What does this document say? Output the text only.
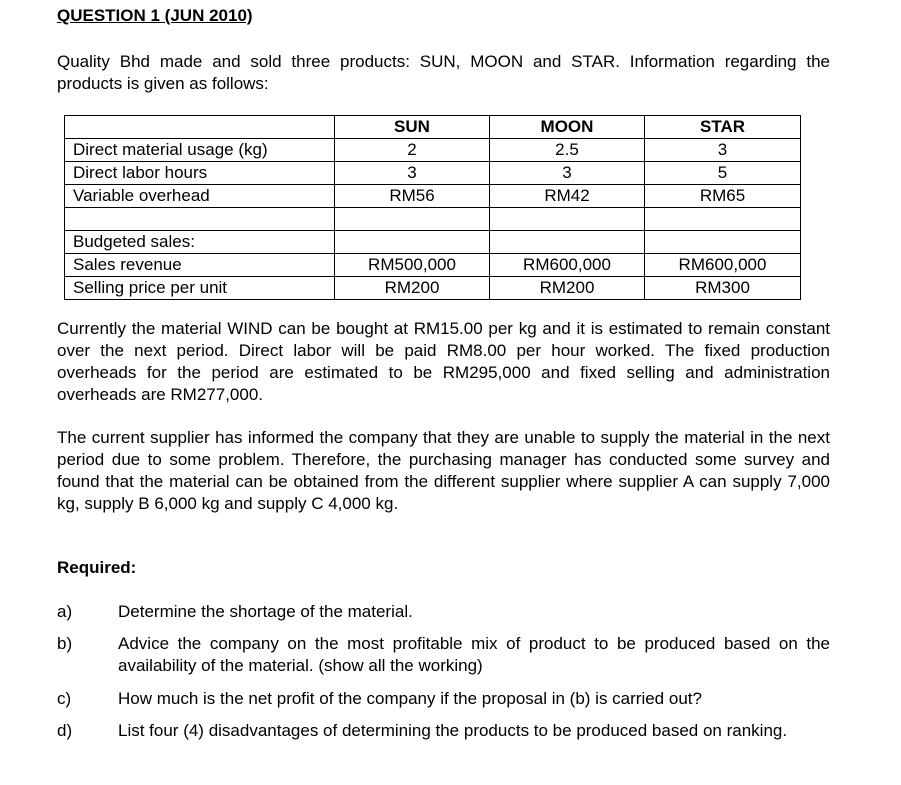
QUESTION 1 (JUN 2010)

Quality Bhd made and sold three products: SUN, MOON and STAR. Information regarding the products is given as follows:

	SUN	MOON	STAR
Direct material usage (kg)	2	2.5	3
Direct labor hours	3	3	5
Variable overhead	RM56	RM42	RM65

Budgeted sales:			
Sales revenue	RM500,000	RM600,000	RM600,000
Selling price per unit	RM200	RM200	RM300

Currently the material WIND can be bought at RM15.00 per kg and it is estimated to remain constant over the next period. Direct labor will be paid RM8.00 per hour worked. The fixed production overheads for the period are estimated to be RM295,000 and fixed selling and administration overheads are RM277,000.

The current supplier has informed the company that they are unable to supply the material in the next period due to some problem. Therefore, the purchasing manager has conducted some survey and found that the material can be obtained from the different supplier where supplier A can supply 7,000 kg, supply B 6,000 kg and supply C 4,000 kg.

Required:

a)	Determine the shortage of the material.
b)	Advice the company on the most profitable mix of product to be produced based on the availability of the material. (show all the working)
c)	How much is the net profit of the company if the proposal in (b) is carried out?
d)	List four (4) disadvantages of determining the products to be produced based on ranking.
